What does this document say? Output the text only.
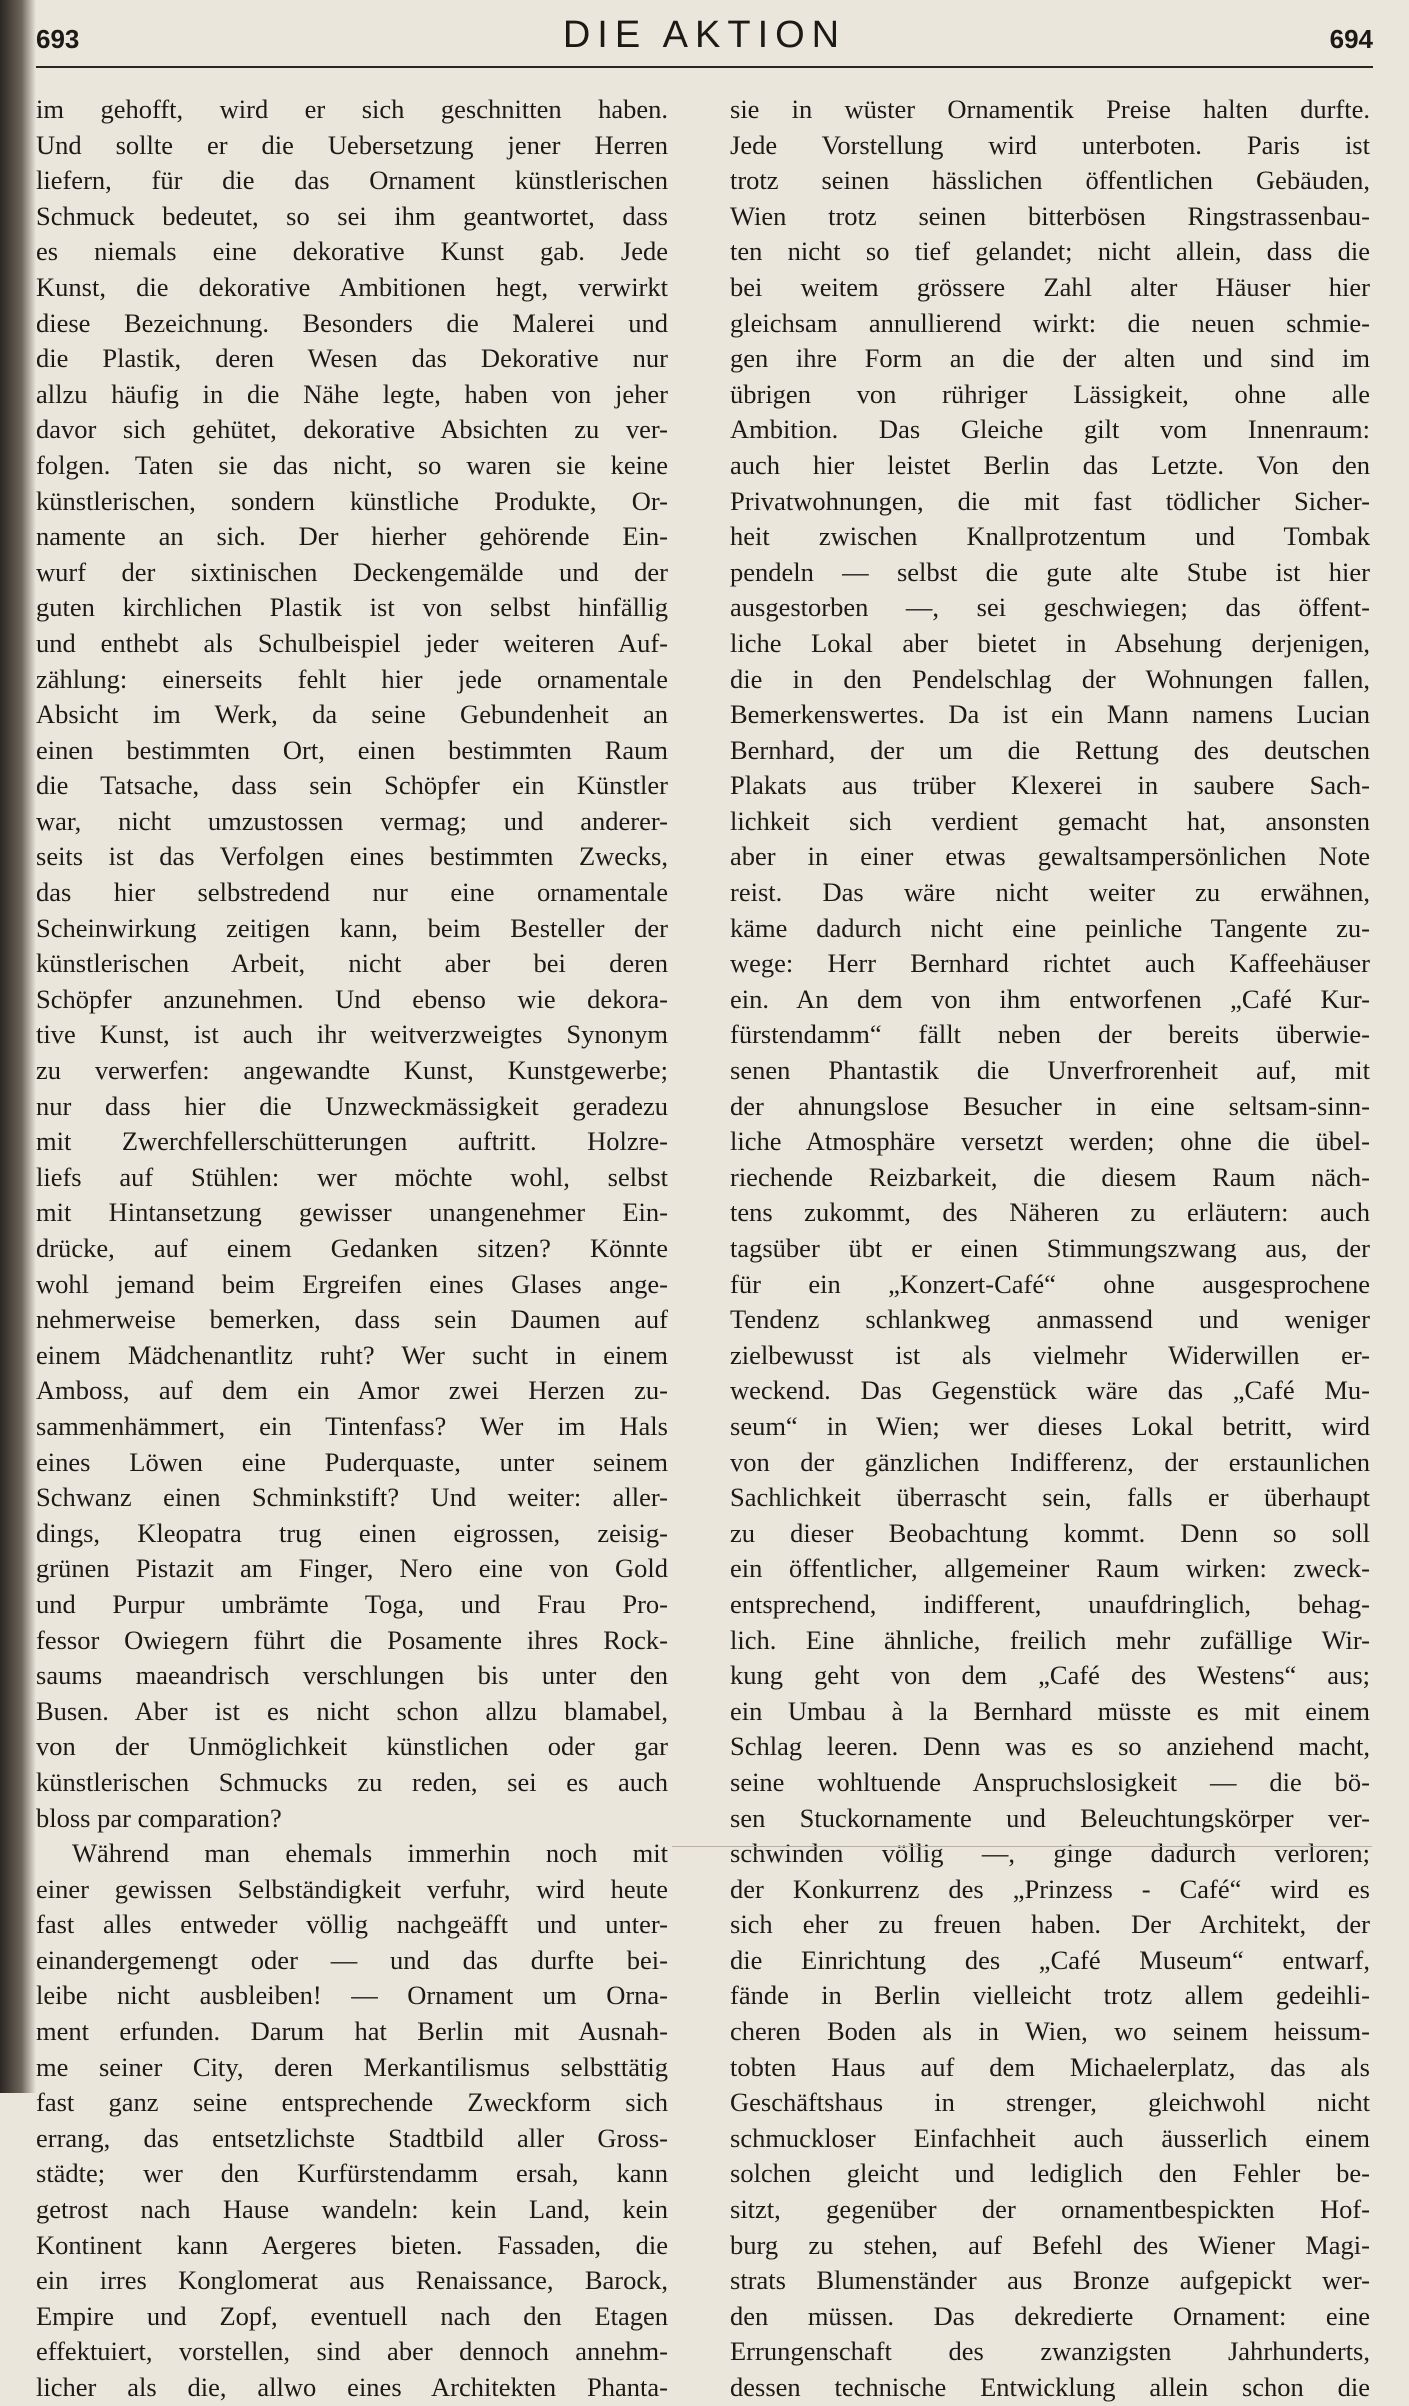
693	DIE AKTION	694
im gehofft, wird er sich geschnitten haben.
Und sollte er die Uebersetzung jener Herren
liefern, für die das Ornament künstlerischen
Schmuck bedeutet, so sei ihm geantwortet, dass
es niemals eine dekorative Kunst gab. Jede
Kunst, die dekorative Ambitionen hegt, verwirkt
diese Bezeichnung. Besonders die Malerei und
die Plastik, deren Wesen das Dekorative nur
allzu häufig in die Nähe legte, haben von jeher
davor sich gehütet, dekorative Absichten zu ver-
folgen. Taten sie das nicht, so waren sie keine
künstlerischen, sondern künstliche Produkte, Or-
namente an sich. Der hierher gehörende Ein-
wurf der sixtinischen Deckengemälde und der
guten kirchlichen Plastik ist von selbst hinfällig
und enthebt als Schulbeispiel jeder weiteren Auf-
zählung: einerseits fehlt hier jede ornamentale
Absicht im Werk, da seine Gebundenheit an
einen bestimmten Ort, einen bestimmten Raum
die Tatsache, dass sein Schöpfer ein Künstler
war, nicht umzustossen vermag; und anderer-
seits ist das Verfolgen eines bestimmten Zwecks,
das hier selbstredend nur eine ornamentale
Scheinwirkung zeitigen kann, beim Besteller der
künstlerischen Arbeit, nicht aber bei deren
Schöpfer anzunehmen. Und ebenso wie dekora-
tive Kunst, ist auch ihr weitverzweigtes Synonym
zu verwerfen: angewandte Kunst, Kunstgewerbe;
nur dass hier die Unzweckmässigkeit geradezu
mit Zwerchfellerschütterungen auftritt. Holzre-
liefs auf Stühlen: wer möchte wohl, selbst
mit Hintansetzung gewisser unangenehmer Ein-
drücke, auf einem Gedanken sitzen? Könnte
wohl jemand beim Ergreifen eines Glases ange-
nehmerweise bemerken, dass sein Daumen auf
einem Mädchenantlitz ruht? Wer sucht in einem
Amboss, auf dem ein Amor zwei Herzen zu-
sammenhämmert, ein Tintenfass? Wer im Hals
eines Löwen eine Puderquaste, unter seinem
Schwanz einen Schminkstift? Und weiter: aller-
dings, Kleopatra trug einen eigrossen, zeisig-
grünen Pistazit am Finger, Nero eine von Gold
und Purpur umbrämte Toga, und Frau Pro-
fessor Owiegern führt die Posamente ihres Rock-
saums maeandrisch verschlungen bis unter den
Busen. Aber ist es nicht schon allzu blamabel,
von der Unmöglichkeit künstlichen oder gar
künstlerischen Schmucks zu reden, sei es auch
bloss par comparation?
Während man ehemals immerhin noch mit
einer gewissen Selbständigkeit verfuhr, wird heute
fast alles entweder völlig nachgeäfft und unter-
einandergemengt oder — und das durfte bei-
leibe nicht ausbleiben! — Ornament um Orna-
ment erfunden. Darum hat Berlin mit Ausnah-
me seiner City, deren Merkantilismus selbsttätig
fast ganz seine entsprechende Zweckform sich
errang, das entsetzlichste Stadtbild aller Gross-
städte; wer den Kurfürstendamm ersah, kann
getrost nach Hause wandeln: kein Land, kein
Kontinent kann Aergeres bieten. Fassaden, die
ein irres Konglomerat aus Renaissance, Barock,
Empire und Zopf, eventuell nach den Etagen
effektuiert, vorstellen, sind aber dennoch annehm-
licher als die, allwo eines Architekten Phanta-
sie in wüster Ornamentik Preise halten durfte.
Jede Vorstellung wird unterboten. Paris ist
trotz seinen hässlichen öffentlichen Gebäuden,
Wien trotz seinen bitterbösen Ringstrassenbau-
ten nicht so tief gelandet; nicht allein, dass die
bei weitem grössere Zahl alter Häuser hier
gleichsam annullierend wirkt: die neuen schmie-
gen ihre Form an die der alten und sind im
übrigen von rühriger Lässigkeit, ohne alle
Ambition. Das Gleiche gilt vom Innenraum:
auch hier leistet Berlin das Letzte. Von den
Privatwohnungen, die mit fast tödlicher Sicher-
heit zwischen Knallprotzentum und Tombak
pendeln — selbst die gute alte Stube ist hier
ausgestorben —, sei geschwiegen; das öffent-
liche Lokal aber bietet in Absehung derjenigen,
die in den Pendelschlag der Wohnungen fallen,
Bemerkenswertes. Da ist ein Mann namens Lucian
Bernhard, der um die Rettung des deutschen
Plakats aus trüber Klexerei in saubere Sach-
lichkeit sich verdient gemacht hat, ansonsten
aber in einer etwas gewaltsampersönlichen Note
reist. Das wäre nicht weiter zu erwähnen,
käme dadurch nicht eine peinliche Tangente zu-
wege: Herr Bernhard richtet auch Kaffeehäuser
ein. An dem von ihm entworfenen „Café Kur-
fürstendamm“ fällt neben der bereits überwie-
senen Phantastik die Unverfrorenheit auf, mit
der ahnungslose Besucher in eine seltsam-sinn-
liche Atmosphäre versetzt werden; ohne die übel-
riechende Reizbarkeit, die diesem Raum näch-
tens zukommt, des Näheren zu erläutern: auch
tagsüber übt er einen Stimmungszwang aus, der
für ein „Konzert-Café“ ohne ausgesprochene
Tendenz schlankweg anmassend und weniger
zielbewusst ist als vielmehr Widerwillen er-
weckend. Das Gegenstück wäre das „Café Mu-
seum“ in Wien; wer dieses Lokal betritt, wird
von der gänzlichen Indifferenz, der erstaunlichen
Sachlichkeit überrascht sein, falls er überhaupt
zu dieser Beobachtung kommt. Denn so soll
ein öffentlicher, allgemeiner Raum wirken: zweck-
entsprechend, indifferent, unaufdringlich, behag-
lich. Eine ähnliche, freilich mehr zufällige Wir-
kung geht von dem „Café des Westens“ aus;
ein Umbau à la Bernhard müsste es mit einem
Schlag leeren. Denn was es so anziehend macht,
seine wohltuende Anspruchslosigkeit — die bö-
sen Stuckornamente und Beleuchtungskörper ver-
schwinden völlig —, ginge dadurch verloren;
der Konkurrenz des „Prinzess - Café“ wird es
sich eher zu freuen haben. Der Architekt, der
die Einrichtung des „Café Museum“ entwarf,
fände in Berlin vielleicht trotz allem gedeihli-
cheren Boden als in Wien, wo seinem heissum-
tobten Haus auf dem Michaelerplatz, das als
Geschäftshaus in strenger, gleichwohl nicht
schmuckloser Einfachheit auch äusserlich einem
solchen gleicht und lediglich den Fehler be-
sitzt, gegenüber der ornamentbespickten Hof-
burg zu stehen, auf Befehl des Wiener Magi-
strats Blumenständer aus Bronze aufgepickt wer-
den müssen. Das dekredierte Ornament: eine
Errungenschaft des zwanzigsten Jahrhunderts,
dessen technische Entwicklung allein schon die
